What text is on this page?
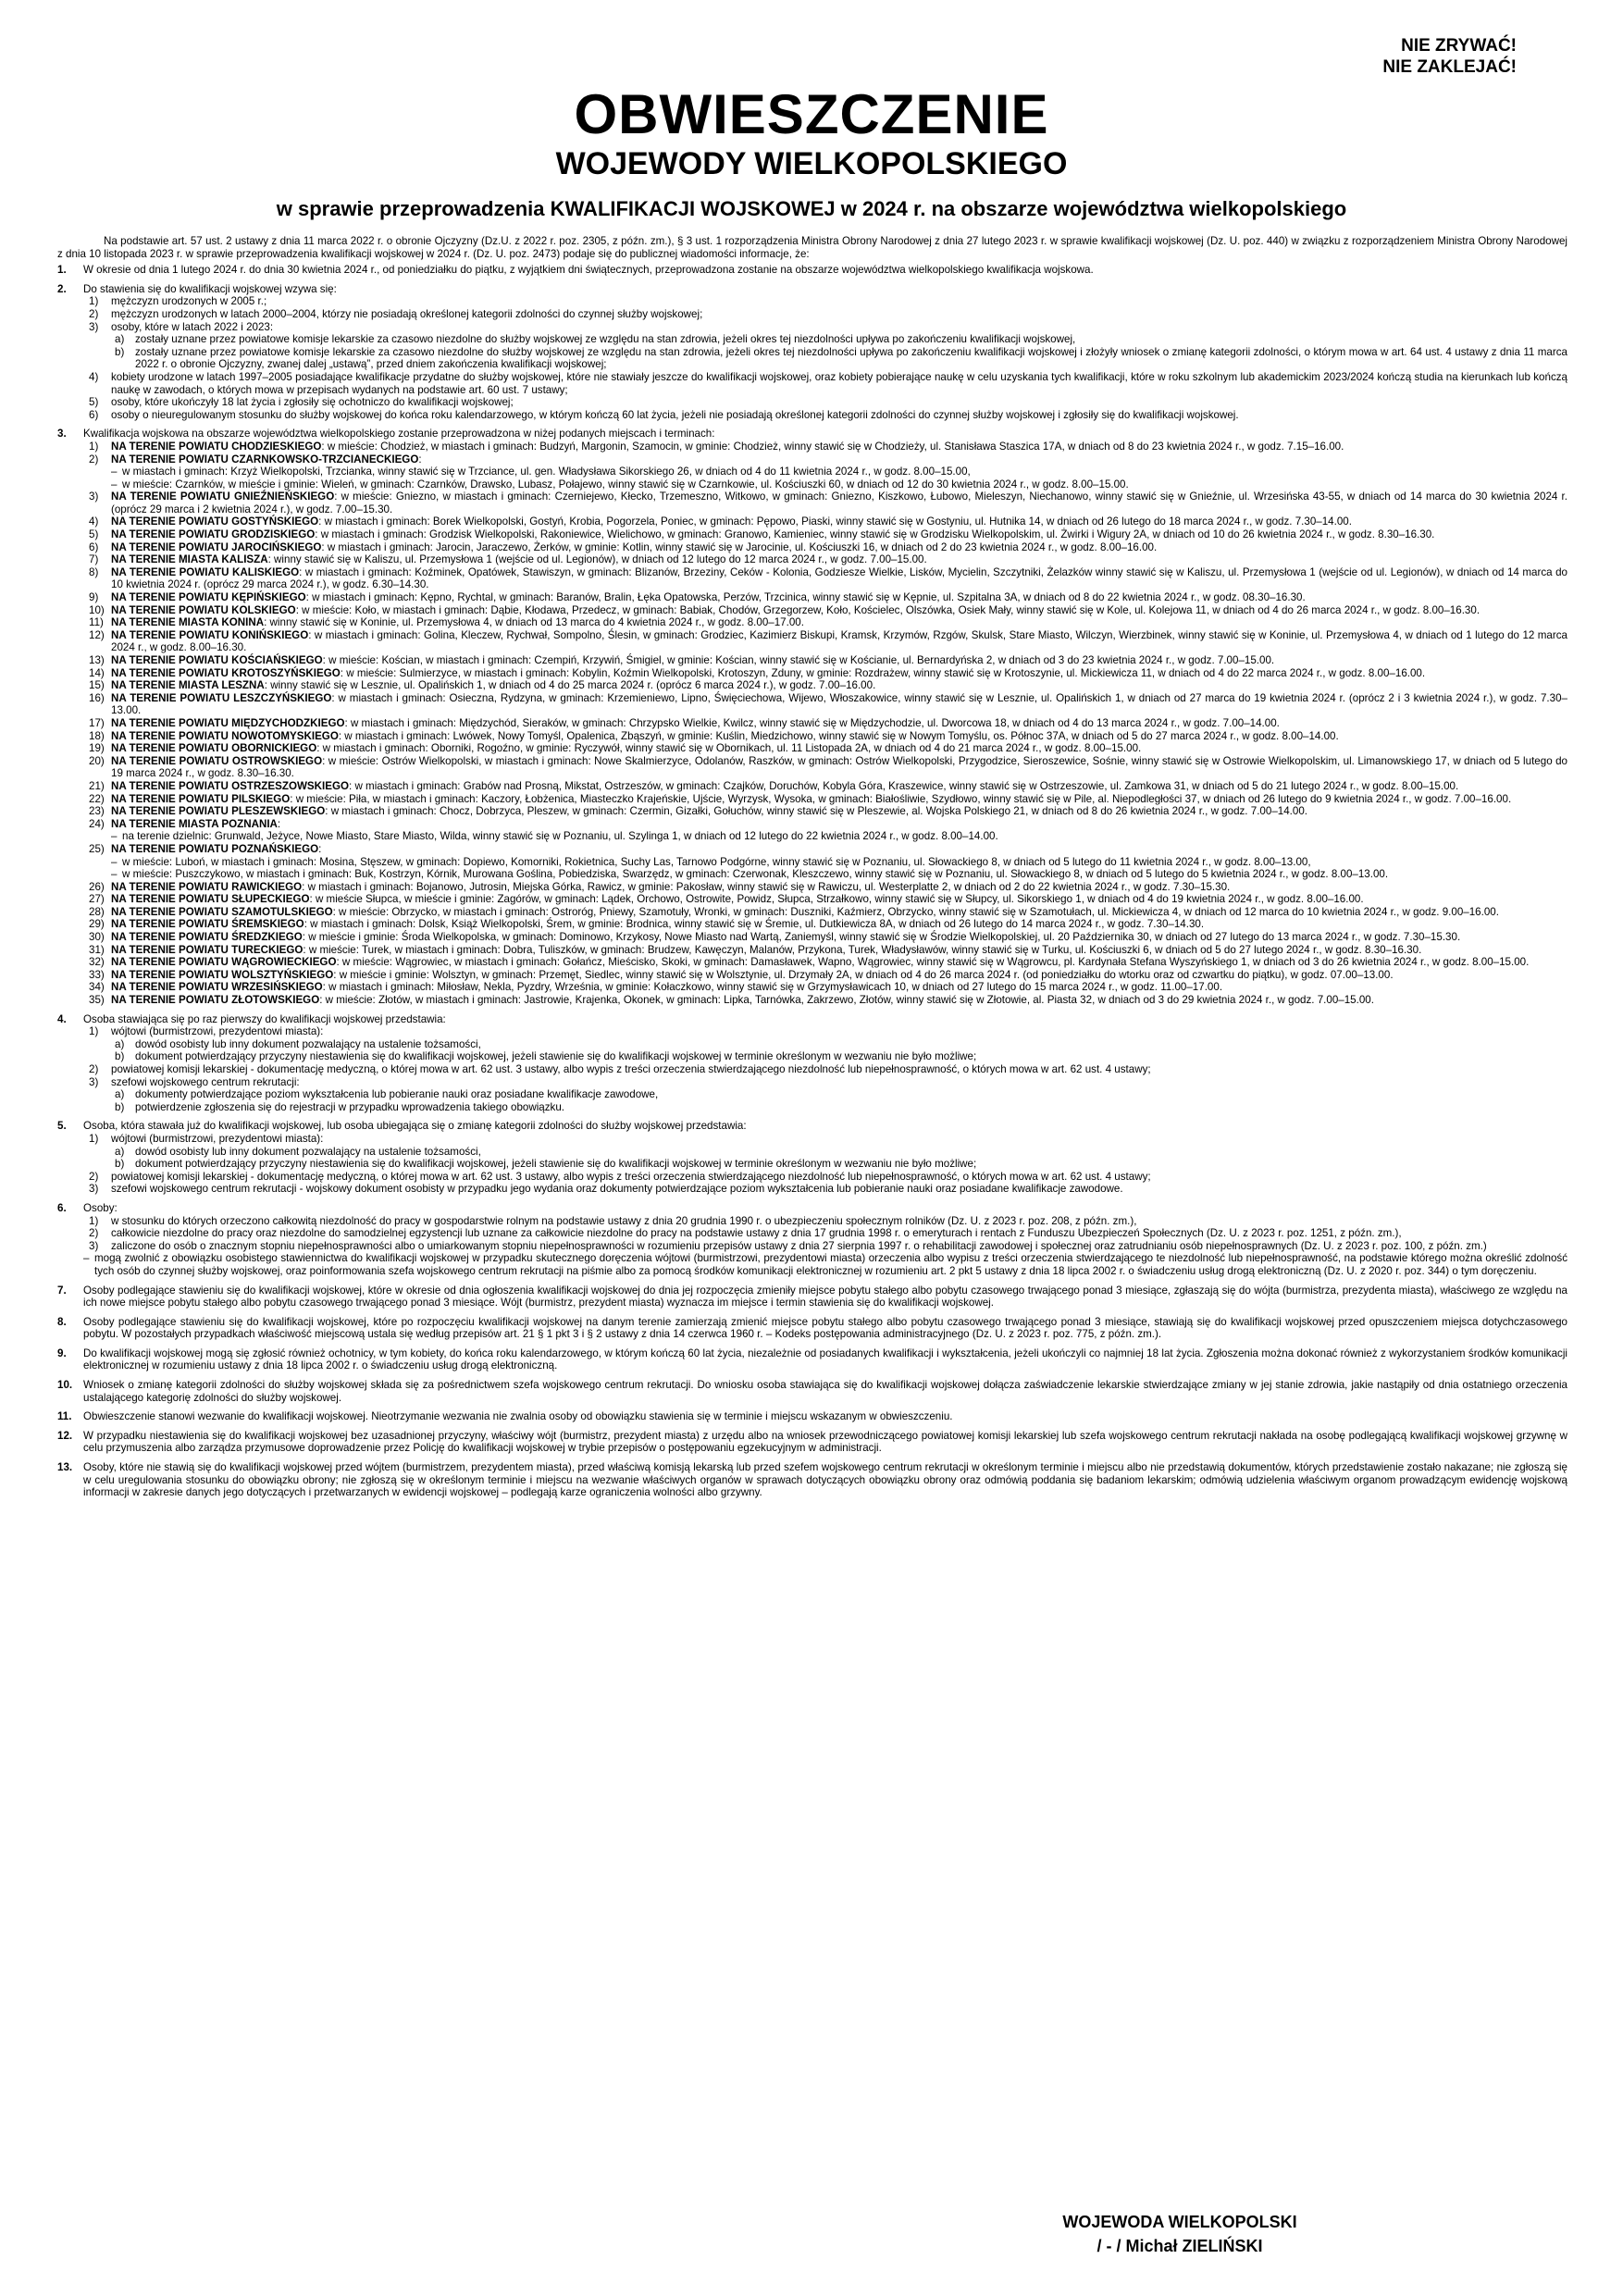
NIE ZRYWAĆ!
NIE ZAKLEJAĆ!
OBWIESZCZENIE
WOJEWODY WIELKOPOLSKIEGO
w sprawie przeprowadzenia KWALIFIKACJI WOJSKOWEJ w 2024 r. na obszarze województwa wielkopolskiego
Na podstawie art. 57 ust. 2 ustawy z dnia 11 marca 2022 r. o obronie Ojczyzny (Dz.U. z 2022 r. poz. 2305, z późn. zm.), § 3 ust. 1 rozporządzenia Ministra Obrony Narodowej z dnia 27 lutego 2023 r. w sprawie kwalifikacji wojskowej (Dz. U. poz. 440) w związku z rozporządzeniem Ministra Obrony Narodowej z dnia 10 listopada 2023 r. w sprawie przeprowadzenia kwalifikacji wojskowej w 2024 r. (Dz. U. poz. 2473) podaje się do publicznej wiadomości informacje, że:
1. W okresie od dnia 1 lutego 2024 r. do dnia 30 kwietnia 2024 r., od poniedziałku do piątku, z wyjątkiem dni świątecznych, przeprowadzona zostanie na obszarze województwa wielkopolskiego kwalifikacja wojskowa.
2. Do stawienia się do kwalifikacji wojskowej wzywa się:
1) mężczyzn urodzonych w 2005 r.;
2) mężczyzn urodzonych w latach 2000–2004, którzy nie posiadają określonej kategorii zdolności do czynnej służby wojskowej;
3) osoby, które w latach 2022 i 2023:
a) zostały uznane przez powiatowe komisje lekarskie za czasowo niezdolne do służby wojskowej ze względu na stan zdrowia, jeżeli okres tej niezdolności upływa po zakończeniu kwalifikacji wojskowej,
b) zostały uznane przez powiatowe komisje lekarskie za czasowo niezdolne do służby wojskowej ze względu na stan zdrowia, jeżeli okres tej niezdolności upływa po zakończeniu kwalifikacji wojskowej i złożyły wniosek o zmianę kategorii zdolności, o którym mowa w art. 64 ust. 4 ustawy z dnia 11 marca 2022 r. o obronie Ojczyzny, zwanej dalej „ustawą”, przed dniem zakończenia kwalifikacji wojskowej;
4) kobiety urodzone w latach 1997–2005 posiadające kwalifikacje przydatne do służby wojskowej, które nie stawiały jeszcze do kwalifikacji wojskowej, oraz kobiety pobierające naukę w celu uzyskania tych kwalifikacji, które w roku szkolnym lub akademickim 2023/2024 kończą studia na kierunkach lub kończą naukę w zawodach, o których mowa w przepisach wydanych na podstawie art. 60 ust. 7 ustawy;
5) osoby, które ukończyły 18 lat życia i zgłosiły się ochotniczo do kwalifikacji wojskowej;
6) osoby o nieuregulowanym stosunku do służby wojskowej do końca roku kalendarzowego, w którym kończą 60 lat życia, jeżeli nie posiadają określonej kategorii zdolności do czynnej służby wojskowej i zgłosiły się do kwalifikacji wojskowej.
3. Kwalifikacja wojskowa na obszarze województwa wielkopolskiego zostanie przeprowadzona w niżej podanych miejscach i terminach:
1) NA TERENIE POWIATU CHODZIESKIEGO: w mieście: Chodzież, w miastach i gminach: Budzyń, Margonin, Szamocin, w gminie: Chodzież, winny stawić się w Chodzieży, ul. Stanisława Staszica 17A, w dniach od 8 do 23 kwietnia 2024 r., w godz. 7.15–16.00.
2) NA TERENIE POWIATU CZARNKOWSKO-TRZCIANECKIEGO:
– w miastach i gminach: Krzyż Wielkopolski, Trzcianka, winny stawić się w Trzciance, ul. gen. Władysława Sikorskiego 26, w dniach od 4 do 11 kwietnia 2024 r., w godz. 8.00–15.00,
– w mieście: Czarnków, w mieście i gminie: Wieleń, w gminach: Czarnków, Drawsko, Lubasz, Połajewo, winny stawić się w Czarnkowie, ul. Kościuszki 60, w dniach od 12 do 30 kwietnia 2024 r., w godz. 8.00–15.00.
3) NA TERENIE POWIATU GNIEŹNIEŃSKIEGO: w mieście: Gniezno, w miastach i gminach: Czerniejewo, Kłecko, Trzemeszno, Witkowo, w gminach: Gniezno, Kiszkowo, Łubowo, Mieleszyn, Niechanowo, winny stawić się w Gnieźnie, ul. Wrzesińska 43-55, w dniach od 14 marca do 30 kwietnia 2024 r. (oprócz 29 marca i 2 kwietnia 2024 r.), w godz. 7.00–15.30.
4) NA TERENIE POWIATU GOSTYŃSKIEGO: w miastach i gminach: Borek Wielkopolski, Gostyń, Krobia, Pogorzela, Poniec, w gminach: Pępowo, Piaski, winny stawić się w Gostyniu, ul. Hutnika 14, w dniach od 26 lutego do 18 marca 2024 r., w godz. 7.30–14.00.
5) NA TERENIE POWIATU GRODZISKIEGO: w miastach i gminach: Grodzisk Wielkopolski, Rakoniewice, Wielichowo, w gminach: Granowo, Kamieniec, winny stawić się w Grodzisku Wielkopolskim, ul. Żwirki i Wigury 2A, w dniach od 10 do 26 kwietnia 2024 r., w godz. 8.30–16.30.
6) NA TERENIE POWIATU JAROCIŃSKIEGO: w miastach i gminach: Jarocin, Jaraczewo, Żerków, w gminie: Kotlin, winny stawić się w Jarocinie, ul. Kościuszki 16, w dniach od 2 do 23 kwietnia 2024 r., w godz. 8.00–16.00.
7) NA TERENIE MIASTA KALISZA: winny stawić się w Kaliszu, ul. Przemysłowa 1 (wejście od ul. Legionów), w dniach od 12 lutego do 12 marca 2024 r., w godz. 7.00–15.00.
8) NA TERENIE POWIATU KALISKIEGO: w miastach i gminach: Koźminek, Opatówek, Stawiszyn, w gminach: Blizanów, Brzeziny, Ceków - Kolonia, Godziesze Wielkie, Lisków, Mycielin, Szczytniki, Żelazków winny stawić się w Kaliszu, ul. Przemysłowa 1 (wejście od ul. Legionów), w dniach od 14 marca do 10 kwietnia 2024 r. (oprócz 29 marca 2024 r.), w godz. 6.30–14.30.
9) NA TERENIE POWIATU KĘPIŃSKIEGO: w miastach i gminach: Kępno, Rychtal, w gminach: Baranów, Bralin, Łęka Opatowska, Perzów, Trzcinica, winny stawić się w Kępnie, ul. Szpitalna 3A, w dniach od 8 do 22 kwietnia 2024 r., w godz. 08.30–16.30.
10) NA TERENIE POWIATU KOLSKIEGO: w mieście: Koło, w miastach i gminach: Dąbie, Kłodawa, Przedecz, w gminach: Babiak, Chodów, Grzegorzew, Koło, Kościelec, Olszówka, Osiek Mały, winny stawić się w Kole, ul. Kolejowa 11, w dniach od 4 do 26 marca 2024 r., w godz. 8.00–16.30.
11) NA TERENIE MIASTA KONINA: winny stawić się w Koninie, ul. Przemysłowa 4, w dniach od 13 marca do 4 kwietnia 2024 r., w godz. 8.00–17.00.
12) NA TERENIE POWIATU KONIŃSKIEGO: w miastach i gminach: Golina, Kleczew, Rychwał, Sompolno, Ślesin, w gminach: Grodziec, Kazimierz Biskupi, Kramsk, Krzymów, Rzgów, Skulsk, Stare Miasto, Wilczyn, Wierzbinek, winny stawić się w Koninie, ul. Przemysłowa 4, w dniach od 1 lutego do 12 marca 2024 r., w godz. 8.00–16.30.
13) NA TERENIE POWIATU KOŚCIAŃSKIEGO: w mieście: Kościan, w miastach i gminach: Czempiń, Krzywiń, Śmigiel, w gminie: Kościan, winny stawić się w Kościanie, ul. Bernardyńska 2, w dniach od 3 do 23 kwietnia 2024 r., w godz. 7.00–15.00.
14) NA TERENIE POWIATU KROTOSZYŃSKIEGO: w mieście: Sulmierzyce, w miastach i gminach: Kobylin, Koźmin Wielkopolski, Krotoszyn, Zduny, w gminie: Rozdrażew, winny stawić się w Krotoszynie, ul. Mickiewicza 11, w dniach od 4 do 22 marca 2024 r., w godz. 8.00–16.00.
15) NA TERENIE MIASTA LESZNA: winny stawić się w Lesznie, ul. Opalińskich 1, w dniach od 4 do 25 marca 2024 r. (oprócz 6 marca 2024 r.), w godz. 7.00–16.00.
16) NA TERENIE POWIATU LESZCZYŃSKIEGO: w miastach i gminach: Osieczna, Rydzyna, w gminach: Krzemieniewo, Lipno, Święciechowa, Wijewo, Włoszakowice, winny stawić się w Lesznie, ul. Opalińskich 1, w dniach od 27 marca do 19 kwietnia 2024 r. (oprócz 2 i 3 kwietnia 2024 r.), w godz. 7.30–13.00.
17) NA TERENIE POWIATU MIĘDZYCHODZKIEGO: w miastach i gminach: Międzychód, Sieraków, w gminach: Chrzypsko Wielkie, Kwilcz, winny stawić się w Międzychodzie, ul. Dworcowa 18, w dniach od 4 do 13 marca 2024 r., w godz. 7.00–14.00.
18) NA TERENIE POWIATU NOWOTOMYSKIEGO: w miastach i gminach: Lwówek, Nowy Tomyśl, Opalenica, Zbąszyń, w gminie: Kuślin, Miedzichowo, winny stawić się w Nowym Tomyślu, os. Północ 37A, w dniach od 5 do 27 marca 2024 r., w godz. 8.00–14.00.
19) NA TERENIE POWIATU OBORNICKIEGO: w miastach i gminach: Oborniki, Rogoźno, w gminie: Ryczywół, winny stawić się w Obornikach, ul. 11 Listopada 2A, w dniach od 4 do 21 marca 2024 r., w godz. 8.00–15.00.
20) NA TERENIE POWIATU OSTROWSKIEGO: w mieście: Ostrów Wielkopolski, w miastach i gminach: Nowe Skalmierzyce, Odolanów, Raszków, w gminach: Ostrów Wielkopolski, Przygodzice, Sieroszewice, Sośnie, winny stawić się w Ostrowie Wielkopolskim, ul. Limanowskiego 17, w dniach od 5 lutego do 19 marca 2024 r., w godz. 8.30–16.30.
21) NA TERENIE POWIATU OSTRZESZOWSKIEGO: w miastach i gminach: Grabów nad Prosną, Mikstat, Ostrzeszów, w gminach: Czajków, Doruchów, Kobyla Góra, Kraszewice, winny stawić się w Ostrzeszowie, ul. Zamkowa 31, w dniach od 5 do 21 lutego 2024 r., w godz. 8.00–15.00.
22) NA TERENIE POWIATU PILSKIEGO: w mieście: Piła, w miastach i gminach: Kaczory, Łobżenica, Miasteczko Krajeńskie, Ujście, Wyrzysk, Wysoka, w gminach: Białośliwie, Szydłowo, winny stawić się w Pile, al. Niepodległości 37, w dniach od 26 lutego do 9 kwietnia 2024 r., w godz. 7.00–16.00.
23) NA TERENIE POWIATU PLESZEWSKIEGO: w miastach i gminach: Chocz, Dobrzyca, Pleszew, w gminach: Czermin, Gizałki, Gołuchów, winny stawić się w Pleszewie, al. Wojska Polskiego 21, w dniach od 8 do 26 kwietnia 2024 r., w godz. 7.00–14.00.
24) NA TERENIE MIASTA POZNANIA:
– na terenie dzielnic: Grunwald, Jeżyce, Nowe Miasto, Stare Miasto, Wilda, winny stawić się w Poznaniu, ul. Szylinga 1, w dniach od 12 lutego do 22 kwietnia 2024 r., w godz. 8.00–14.00.
25) NA TERENIE POWIATU POZNAŃSKIEGO:
– w mieście: Luboń, w miastach i gminach: Mosina, Stęszew, w gminach: Dopiewo, Komorniki, Rokietnica, Suchy Las, Tarnowo Podgórne, winny stawić się w Poznaniu, ul. Słowackiego 8, w dniach od 5 lutego do 11 kwietnia 2024 r., w godz. 8.00–13.00,
– w mieście: Puszczykowo, w miastach i gminach: Buk, Kostrzyn, Kórnik, Murowana Goślina, Pobiedziska, Swarzędz, w gminach: Czerwonak, Kleszczewo, winny stawić się w Poznaniu, ul. Słowackiego 8, w dniach od 5 lutego do 5 kwietnia 2024 r., w godz. 8.00–13.00.
26) NA TERENIE POWIATU RAWICKIEGO: w miastach i gminach: Bojanowo, Jutrosin, Miejska Górka, Rawicz, w gminie: Pakosław, winny stawić się w Rawiczu, ul. Westerplatte 2, w dniach od 2 do 22 kwietnia 2024 r., w godz. 7.30–15.30.
27) NA TERENIE POWIATU SŁUPECKIEGO: w mieście Słupca, w mieście i gminie: Zagórów, w gminach: Lądek, Orchowo, Ostrowite, Powidz, Słupca, Strzałkowo, winny stawić się w Słupcy, ul. Sikorskiego 1, w dniach od 4 do 19 kwietnia 2024 r., w godz. 8.00–16.00.
28) NA TERENIE POWIATU SZAMOTULSKIEGO: w mieście: Obrzycko, w miastach i gminach: Ostroróg, Pniewy, Szamotuły, Wronki, w gminach: Duszniki, Kaźmierz, Obrzycko, winny stawić się w Szamotułach, ul. Mickiewicza 4, w dniach od 12 marca do 10 kwietnia 2024 r., w godz. 9.00–16.00.
29) NA TERENIE POWIATU ŚREMSKIEGO: w miastach i gminach: Dolsk, Książ Wielkopolski, Śrem, w gminie: Brodnica, winny stawić się w Śremie, ul. Dutkiewicza 8A, w dniach od 26 lutego do 14 marca 2024 r., w godz. 7.30–14.30.
30) NA TERENIE POWIATU ŚREDZKIEGO: w mieście i gminie: Środa Wielkopolska, w gminach: Dominowo, Krzykosy, Nowe Miasto nad Wartą, Zaniemyśl, winny stawić się w Środzie Wielkopolskiej, ul. 20 Października 30, w dniach od 27 lutego do 13 marca 2024 r., w godz. 7.30–15.30.
31) NA TERENIE POWIATU TURECKIEGO: w mieście: Turek, w miastach i gminach: Dobra, Tuliszków, w gminach: Brudzew, Kawęczyn, Malanów, Przykona, Turek, Władysławów, winny stawić się w Turku, ul. Kościuszki 6, w dniach od 5 do 27 lutego 2024 r., w godz. 8.30–16.30.
32) NA TERENIE POWIATU WĄGROWIECKIEGO: w mieście: Wągrowiec, w miastach i gminach: Gołańcz, Mieścisko, Skoki, w gminach: Damasławek, Wapno, Wągrowiec, winny stawić się w Wągrowcu, pl. Kardynała Stefana Wyszyńskiego 1, w dniach od 3 do 26 kwietnia 2024 r., w godz. 8.00–15.00.
33) NA TERENIE POWIATU WOLSZTYŃSKIEGO: w mieście i gminie: Wolsztyn, w gminach: Przemęt, Siedlec, winny stawić się w Wolsztynie, ul. Drzymały 2A, w dniach od 4 do 26 marca 2024 r. (od poniedziałku do wtorku oraz od czwartku do piątku), w godz. 07.00–13.00.
34) NA TERENIE POWIATU WRZESIŃSKIEGO: w miastach i gminach: Miłosław, Nekla, Pyzdry, Września, w gminie: Kołaczkowo, winny stawić się w Grzymysławicach 10, w dniach od 27 lutego do 15 marca 2024 r., w godz. 11.00–17.00.
35) NA TERENIE POWIATU ZŁOTOWSKIEGO: w mieście: Złotów, w miastach i gminach: Jastrowie, Krajenka, Okonek, w gminach: Lipka, Tarnówka, Zakrzewo, Złotów, winny stawić się w Złotowie, al. Piasta 32, w dniach od 3 do 29 kwietnia 2024 r., w godz. 7.00–15.00.
4. Osoba stawiająca się po raz pierwszy do kwalifikacji wojskowej przedstawia:
1) wójtowi (burmistrzowi, prezydentowi miasta):
a) dowód osobisty lub inny dokument pozwalający na ustalenie tożsamości,
b) dokument potwierdzający przyczyny niestawienia się do kwalifikacji wojskowej, jeżeli stawienie się do kwalifikacji wojskowej w terminie określonym w wezwaniu nie było możliwe;
2) powiatowej komisji lekarskiej - dokumentację medyczną, o której mowa w art. 62 ust. 3 ustawy, albo wypis z treści orzeczenia stwierdzającego niezdolność lub niepełnosprawność, o których mowa w art. 62 ust. 4 ustawy;
3) szefowi wojskowego centrum rekrutacji:
a) dokumenty potwierdzające poziom wykształcenia lub pobieranie nauki oraz posiadane kwalifikacje zawodowe,
b) potwierdzenie zgłoszenia się do rejestracji w przypadku wprowadzenia takiego obowiązku.
5. Osoba, która stawała już do kwalifikacji wojskowej, lub osoba ubiegająca się o zmianę kategorii zdolności do służby wojskowej przedstawia:
1) wójtowi (burmistrzowi, prezydentowi miasta):
a) dowód osobisty lub inny dokument pozwalający na ustalenie tożsamości,
b) dokument potwierdzający przyczyny niestawienia się do kwalifikacji wojskowej, jeżeli stawienie się do kwalifikacji wojskowej w terminie określonym w wezwaniu nie było możliwe;
2) powiatowej komisji lekarskiej - dokumentację medyczną, o której mowa w art. 62 ust. 3 ustawy, albo wypis z treści orzeczenia stwierdzającego niezdolność lub niepełnosprawność, o których mowa w art. 62 ust. 4 ustawy;
3) szefowi wojskowego centrum rekrutacji - wojskowy dokument osobisty w przypadku jego wydania oraz dokumenty potwierdzające poziom wykształcenia lub pobieranie nauki oraz posiadane kwalifikacje zawodowe.
6. Osoby:
1) w stosunku do których orzeczono całkowitą niezdolność do pracy w gospodarstwie rolnym na podstawie ustawy z dnia 20 grudnia 1990 r. o ubezpieczeniu społecznym rolników (Dz. U. z 2023 r. poz. 208, z późn. zm.),
2) całkowicie niezdolne do pracy oraz niezdolne do samodzielnej egzystencji lub uznane za całkowicie niezdolne do pracy na podstawie ustawy z dnia 17 grudnia 1998 r. o emeryturach i rentach z Funduszu Ubezpieczeń Społecznych (Dz. U. z 2023 r. poz. 1251, z późn. zm.),
3) zaliczone do osób o znacznym stopniu niepełnosprawności albo o umiarkowanym stopniu niepełnosprawności w rozumieniu przepisów ustawy z dnia 27 sierpnia 1997 r. o rehabilitacji zawodowej i społecznej oraz zatrudnianiu osób niepełnosprawnych (Dz. U. z 2023 r. poz. 100, z późn. zm.)
– mogą zwolnić z obowiązku osobistego stawiennictwa do kwalifikacji wojskowej w przypadku skutecznego doręczenia wójtowi (burmistrzowi, prezydentowi miasta) orzeczenia albo wypisu z treści orzeczenia stwierdzającego te niezdolność lub niepełnosprawność, na podstawie którego można określić zdolność tych osób do czynnej służby wojskowej, oraz poinformowania szefa wojskowego centrum rekrutacji na piśmie albo za pomocą środków komunikacji elektronicznej w rozumieniu art. 2 pkt 5 ustawy z dnia 18 lipca 2002 r. o świadczeniu usług drogą elektroniczną (Dz. U. z 2020 r. poz. 344) o tym doręczeniu.
7. Osoby podlegające stawieniu się do kwalifikacji wojskowej, które w okresie od dnia ogłoszenia kwalifikacji wojskowej do dnia jej rozpoczęcia zmieniły miejsce pobytu stałego albo pobytu czasowego trwającego ponad 3 miesiące, zgłaszają się do wójta (burmistrza, prezydenta miasta), właściwego ze względu na ich nowe miejsce pobytu stałego albo pobytu czasowego trwającego ponad 3 miesiące. Wójt (burmistrz, prezydent miasta) wyznacza im miejsce i termin stawienia się do kwalifikacji wojskowej.
8. Osoby podlegające stawieniu się do kwalifikacji wojskowej, które po rozpoczęciu kwalifikacji wojskowej na danym terenie zamierzają zmienić miejsce pobytu stałego albo pobytu czasowego trwającego ponad 3 miesiące, stawiają się do kwalifikacji wojskowej przed opuszczeniem miejsca dotychczasowego pobytu. W pozostałych przypadkach właściwość miejscową ustala się według przepisów art. 21 § 1 pkt 3 i § 2 ustawy z dnia 14 czerwca 1960 r. – Kodeks postępowania administracyjnego (Dz. U. z 2023 r. poz. 775, z późn. zm.).
9. Do kwalifikacji wojskowej mogą się zgłosić również ochotnicy, w tym kobiety, do końca roku kalendarzowego, w którym kończą 60 lat życia, niezależnie od posiadanych kwalifikacji i wykształcenia, jeżeli ukończyli co najmniej 18 lat życia. Zgłoszenia można dokonać również z wykorzystaniem środków komunikacji elektronicznej w rozumieniu ustawy z dnia 18 lipca 2002 r. o świadczeniu usług drogą elektroniczną.
10. Wniosek o zmianę kategorii zdolności do służby wojskowej składa się za pośrednictwem szefa wojskowego centrum rekrutacji. Do wniosku osoba stawiająca się do kwalifikacji wojskowej dołącza zaświadczenie lekarskie stwierdzające zmiany w jej stanie zdrowia, jakie nastąpiły od dnia ostatniego orzeczenia ustalającego kategorię zdolności do służby wojskowej.
11. Obwieszczenie stanowi wezwanie do kwalifikacji wojskowej. Nieotrzymanie wezwania nie zwalnia osoby od obowiązku stawienia się w terminie i miejscu wskazanym w obwieszczeniu.
12. W przypadku niestawienia się do kwalifikacji wojskowej bez uzasadnionej przyczyny, właściwy wójt (burmistrz, prezydent miasta) z urzędu albo na wniosek przewodniczącego powiatowej komisji lekarskiej lub szefa wojskowego centrum rekrutacji nakłada na osobę podlegającą kwalifikacji wojskowej grzywnę w celu przymuszenia albo zarządza przymusowe doprowadzenie przez Policję do kwalifikacji wojskowej w trybie przepisów o postępowaniu egzekucyjnym w administracji.
13. Osoby, które nie stawią się do kwalifikacji wojskowej przed wójtem (burmistrzem, prezydentem miasta), przed właściwą komisją lekarską lub przed szefem wojskowego centrum rekrutacji w określonym terminie i miejscu albo nie przedstawią dokumentów, których przedstawienie zostało nakazane; nie zgłoszą się w celu uregulowania stosunku do obowiązku obrony; nie zgłoszą się w określonym terminie i miejscu na wezwanie właściwych organów w sprawach dotyczących obowiązku obrony oraz odmówią poddania się badaniom lekarskim; odmówią udzielenia właściwym organom prowadzącym ewidencję wojskową informacji w zakresie danych jego dotyczących i przetwarzanych w ewidencji wojskowej – podlegają karze ograniczenia wolności albo grzywny.
WOJEWODA WIELKOPOLSKI
/ - / Michał ZIELIŃSKI
